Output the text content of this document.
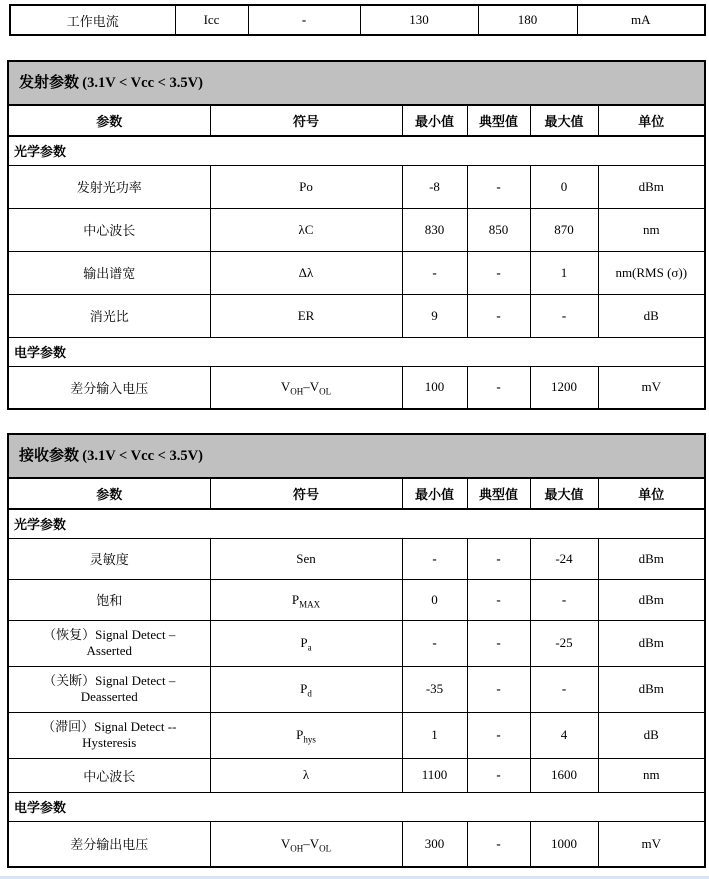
工作电流	Icc	-	130	180	mA
发射参数 (3.1V < Vcc < 3.5V)					
参数	符号	最小值	典型值	最大值	单位
光学参数					
发射光功率	Po	-8	-	0	dBm
中心波长	λC	830	850	870	nm
输出谱宽	Δλ	-	-	1	nm(RMS (σ))
消光比	ER	9	-	-	dB
电学参数					
差分输入电压	$V_{OH}-V_{OL}$	100	-	1200	mV
接收参数 (3.1V < Vcc < 3.5V)					
参数	符号	最小值	典型值	最大值	单位
光学参数					
灵敏度	Sen	-	-	-24	dBm
饱和	$P_{MAX}$	0	-	-	dBm

（恢复）Signal Detect –
Asserted	$P_a$	-	-	-25	dBm

（关断）Signal Detect –
Deasserted	$P_d$	-35	-	-	dBm

（滞回）Signal Detect --
Hysteresis	$P_{hys}$	1	-	4	dB
中心波长	λ	1100	-	1600	nm
电学参数					
差分输出电压	$V_{OH}-V_{OL}$	300	-	1000	mV
